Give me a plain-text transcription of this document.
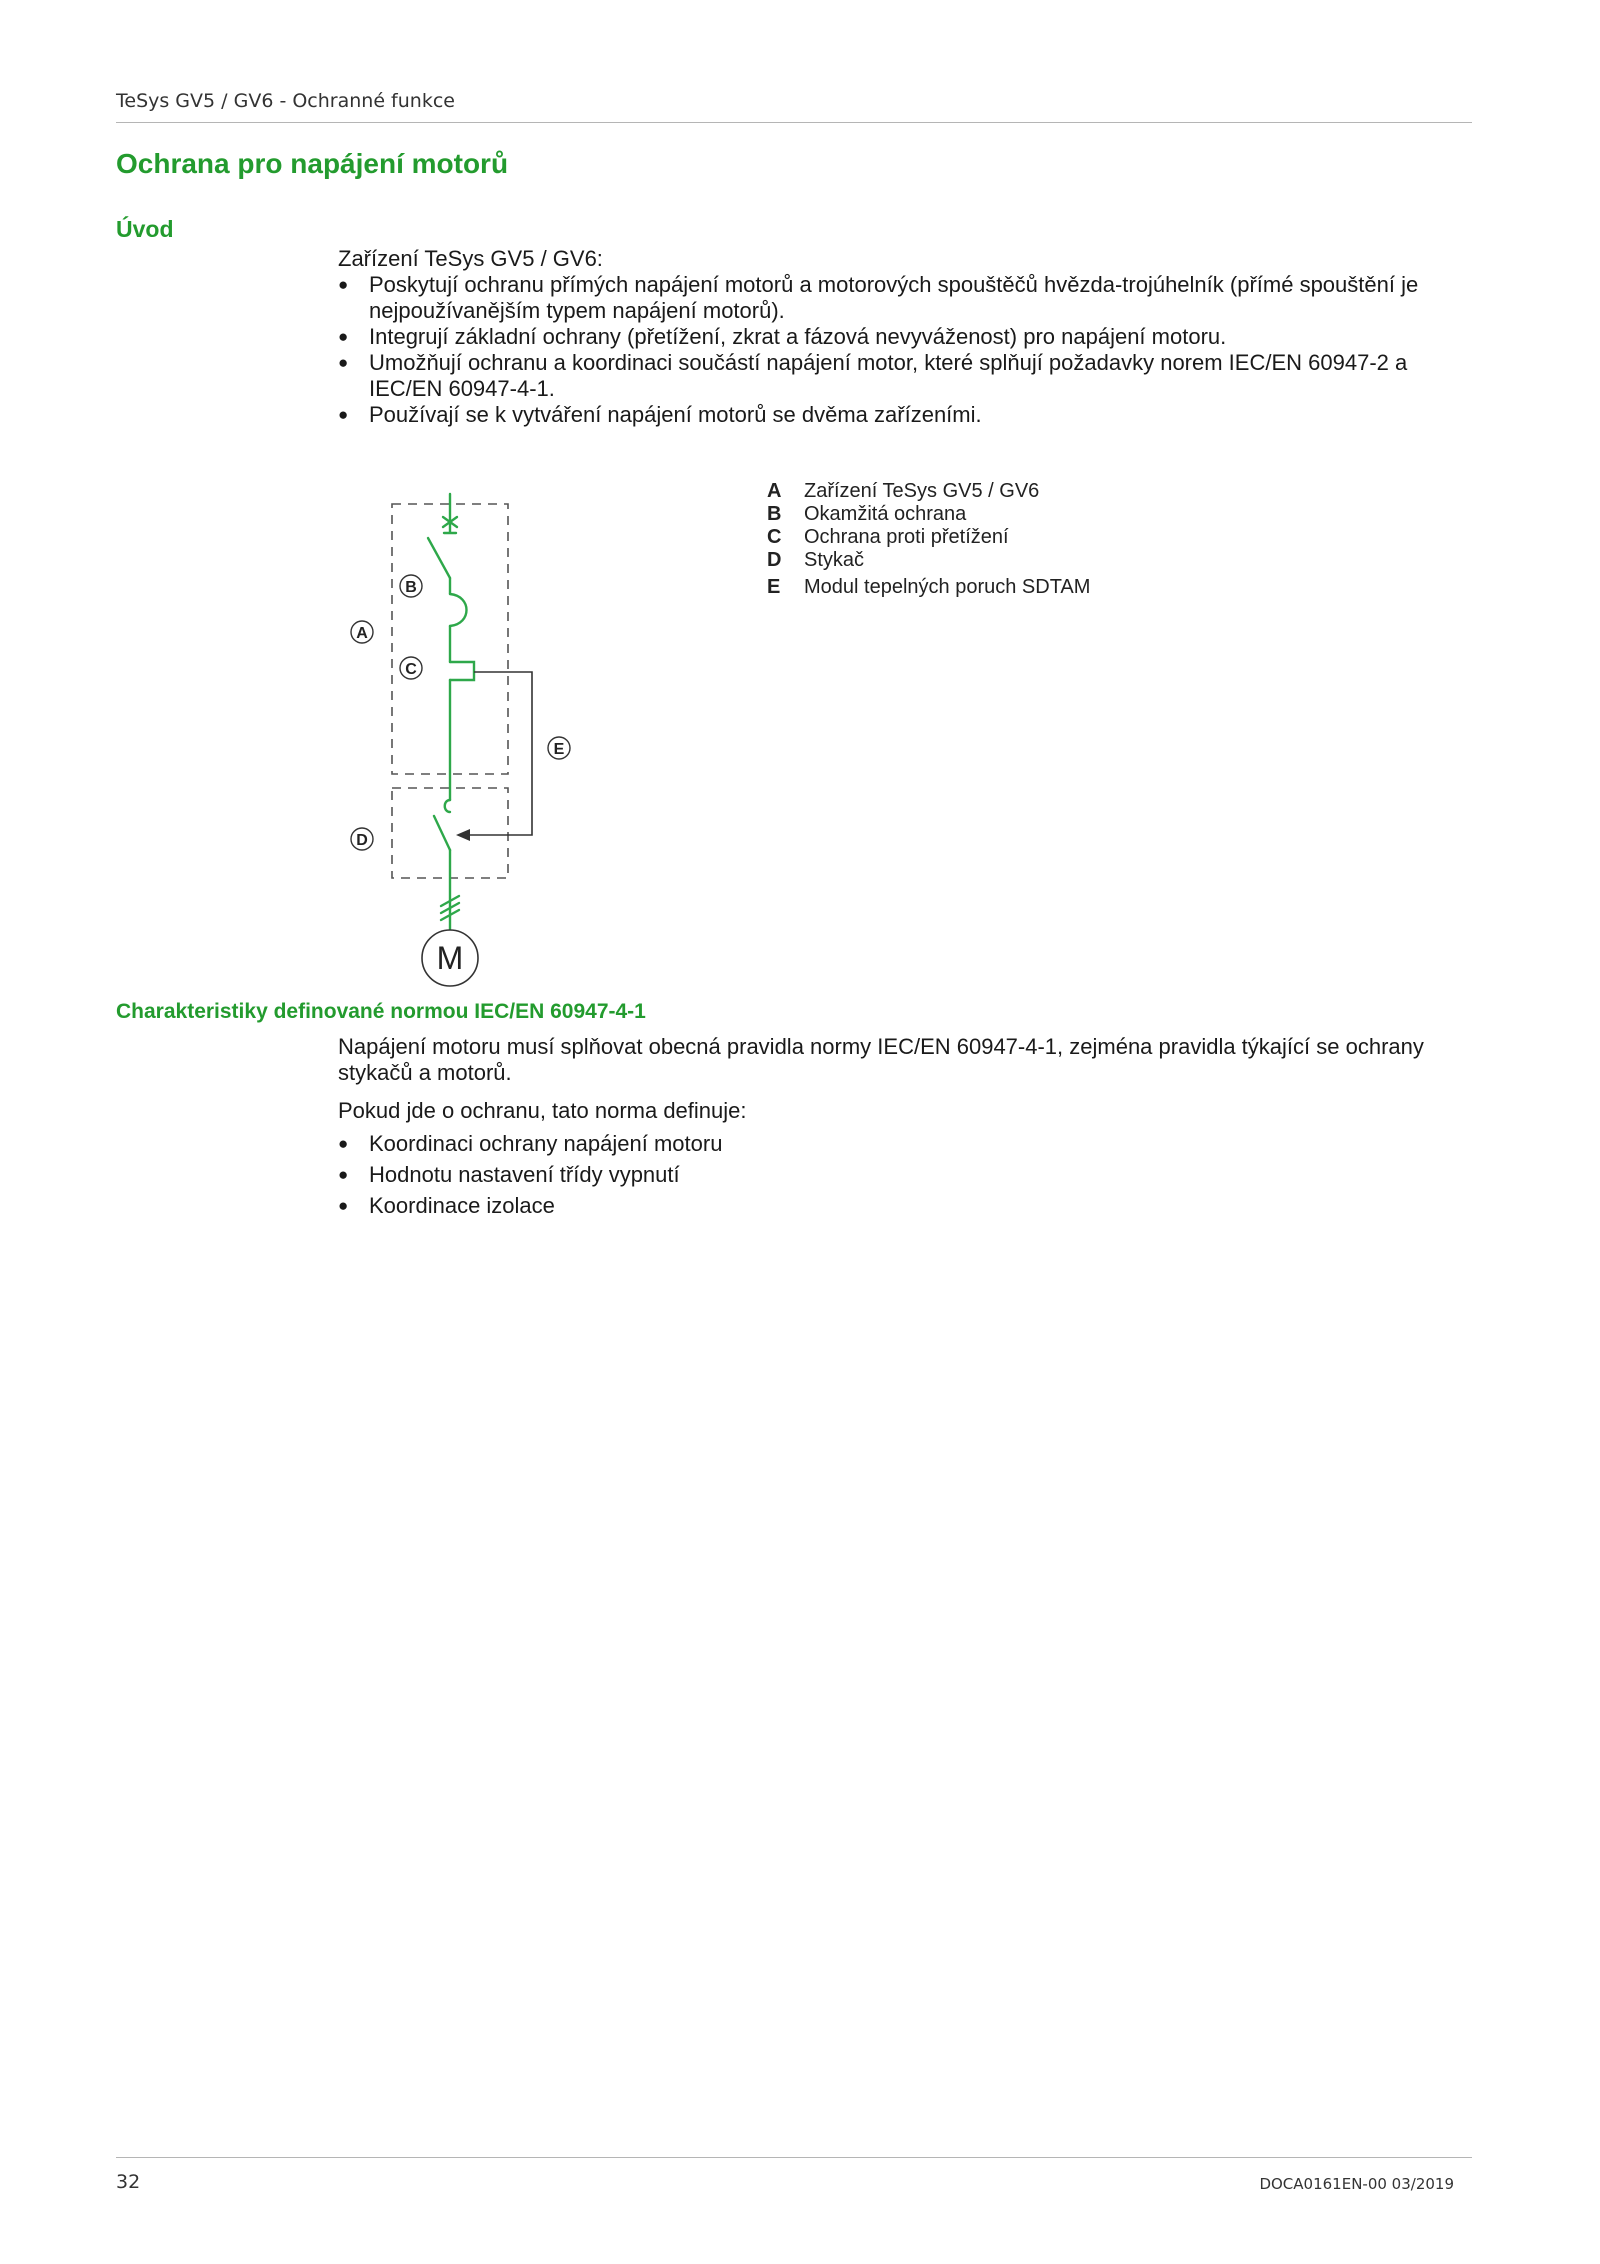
TeSys GV5 / GV6 - Ochranné funkce
Ochrana pro napájení motorů
Úvod
Zařízení TeSys GV5 / GV6:
● Poskytují ochranu přímých napájení motorů a motorových spouštěčů hvězda-trojúhelník (přímé spouštění je nejpoužívanějším typem napájení motorů).
● Integrují základní ochrany (přetížení, zkrat a fázová nevyváženost) pro napájení motoru.
● Umožňují ochranu a koordinaci součástí napájení motor, které splňují požadavky norem IEC/EN 60947-2 a IEC/EN 60947-4-1.
● Používají se k vytváření napájení motorů se dvěma zařízeními.
M
B
A
C
E
D
A	Zařízení TeSys GV5 / GV6
B	Okamžitá ochrana
C	Ochrana proti přetížení
D	Stykač
E	Modul tepelných poruch SDTAM
Charakteristiky definované normou IEC/EN 60947-4-1
Napájení motoru musí splňovat obecná pravidla normy IEC/EN 60947-4-1, zejména pravidla týkající se ochrany stykačů a motorů.
Pokud jde o ochranu, tato norma definuje:
● Koordinaci ochrany napájení motoru
● Hodnotu nastavení třídy vypnutí
● Koordinace izolace
32	DOCA0161EN-00 03/2019
